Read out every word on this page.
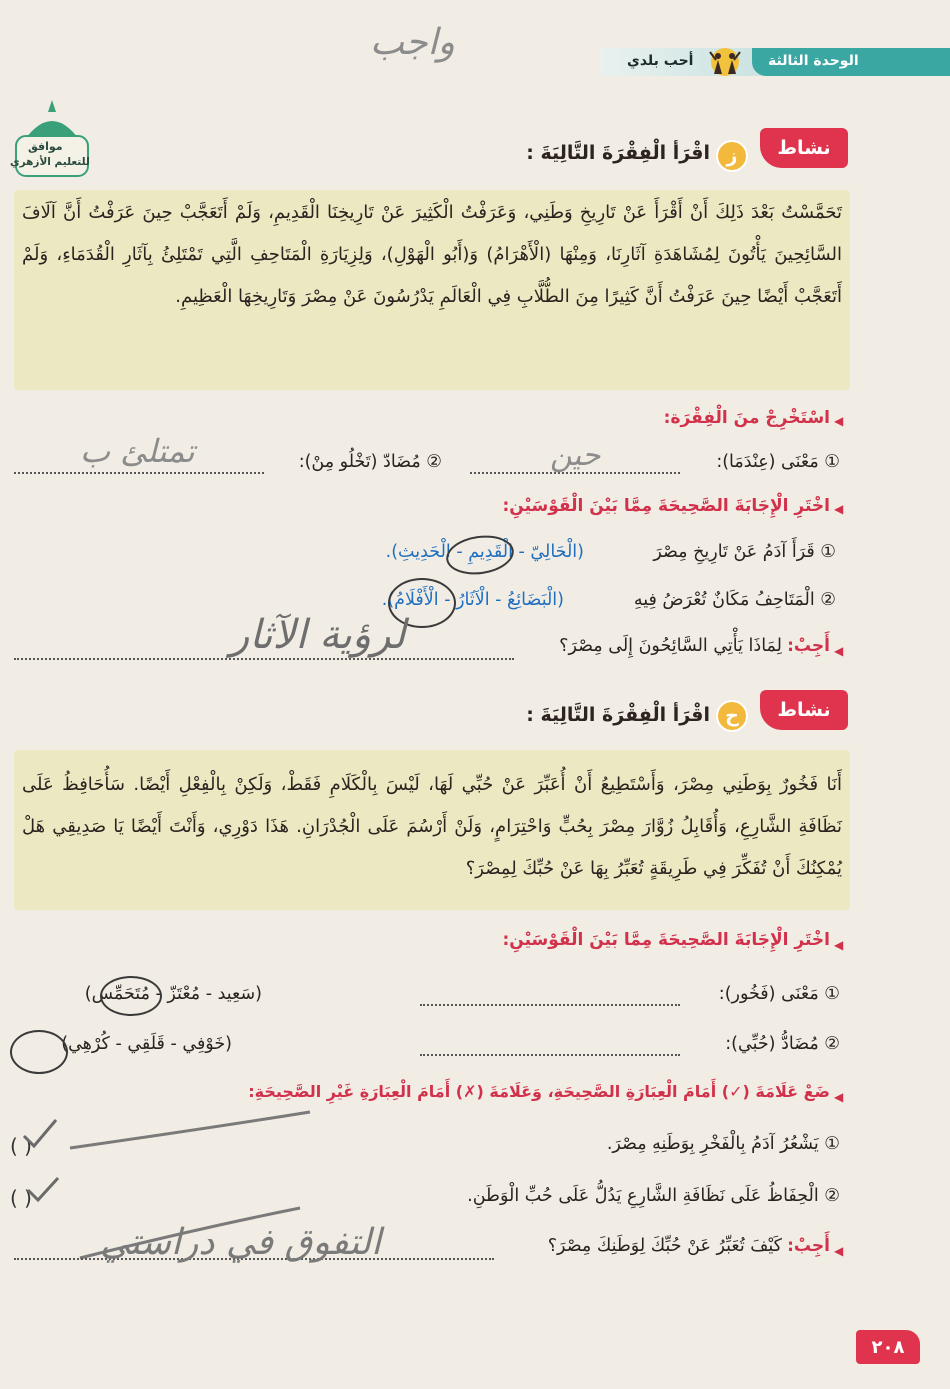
واجب	الوحدة الثالثة
أحب بلدي
موافق
للتعليم الأزهري
نشاط
ز
اقْرَأ الْفِقْرَةَ التَّالِيَةَ :
تَحَمَّسْتُ بَعْدَ ذَلِكَ أَنْ أَقْرَأَ عَنْ تَارِيخِ وَطَنِي، وَعَرَفْتُ الْكَثِيرَ عَنْ تَارِيخِنَا الْقَدِيمِ، وَلَمْ أَتَعَجَّبْ حِينَ عَرَفْتُ أَنَّ آلَافَ السَّائِحِينَ يَأْتُونَ لِمُشَاهَدَةِ آثَارِنَا، وَمِنْهَا (الْأَهْرَامُ) وَ(أَبُو الْهَوْلِ)، وَلِزِيَارَةِ الْمَتَاحِفِ الَّتِي تَمْتَلِئُ بِآثَارِ الْقُدَمَاءِ، وَلَمْ أَتَعَجَّبْ أَيْضًا حِينَ عَرَفْتُ أَنَّ كَثِيرًا مِنَ الطُّلَّابِ فِي الْعَالَمِ يَدْرُسُونَ عَنْ مِصْرَ وَتَارِيخِهَا الْعَظِيمِ.
◀
اسْتَخْرِجْ منَ الْفِقْرَة:
① مَعْنَى (عِنْدَمَا):
حين
② مُضَادّ (تَخْلُو مِنْ):
تمتلئ ب
◀
اخْتَرِ الْإِجَابَةَ الصَّحِيحَةَ مِمَّا بَيْنَ الْقَوْسَيْنِ:
① قَرَأَ آدَمُ عَنْ تَارِيخِ مِصْرَ
(الْحَالِيّ - الْقَدِيمِ - الْحَدِيثِ).
② الْمَتَاحِفُ مَكَانٌ تُعْرَضُ فِيهِ
(الْبَضَائِعُ - الْآثَارُ - الْأَفْلَامُ).
◀
أَجِبْ:
لِمَاذَا يَأْتِي السَّائِحُونَ إِلَى مِصْرَ؟
لرؤية الآثار
نشاط
ح
اقْرَأ الْفِقْرَةَ التَّالِيَةَ :
أَنَا فَخُورٌ بِوَطَنِي مِصْرَ، وَأَسْتَطِيعُ أَنْ أُعَبِّرَ عَنْ حُبِّي لَهَا، لَيْسَ بِالْكَلَامِ فَقَطْ، وَلَكِنْ بِالْفِعْلِ أَيْضًا. سَأُحَافِظُ عَلَى نَظَافَةِ الشَّارِعِ، وَأُقَابِلُ زُوَّارَ مِصْرَ بِحُبٍّ وَاحْتِرَامٍ، وَلَنْ أَرْسُمَ عَلَى الْجُدْرَانِ. هَذَا دَوْرِي، وَأَنْتَ أَيْضًا يَا صَدِيقِي هَلْ يُمْكِنُكَ أَنْ تُفَكِّرَ فِي طَرِيقَةٍ تُعَبِّرُ بِهَا عَنْ حُبِّكَ لِمِصْرَ؟
◀
اخْتَرِ الْإِجَابَةَ الصَّحِيحَةَ مِمَّا بَيْنَ الْقَوْسَيْنِ:
① مَعْنَى (فَخُور):
(سَعِيد - مُعْتَزّ - مُتَحَمِّس)
② مُضَادُّ (حُبِّي):
(خَوْفِي - قَلَقِي - كُرْهِي)
◀
ضَعْ عَلَامَةَ (✓) أَمَامَ الْعِبَارَةِ الصَّحِيحَةِ، وَعَلَامَةَ (✗) أَمَامَ الْعِبَارَةِ غَيْرِ الصَّحِيحَةِ:
① يَشْعُرُ آدَمُ بِالْفَخْرِ بِوَطَنِهِ مِصْرَ.
( )
② الْحِفَاظُ عَلَى نَظَافَةِ الشَّارِعِ يَدُلُّ عَلَى حُبِّ الْوَطَنِ.
( )
◀
أَجِبْ:
كَيْفَ تُعَبِّرُ عَنْ حُبِّكَ لِوَطَنِكَ مِصْرَ؟
التفوق في دراستي
٢٠٨
